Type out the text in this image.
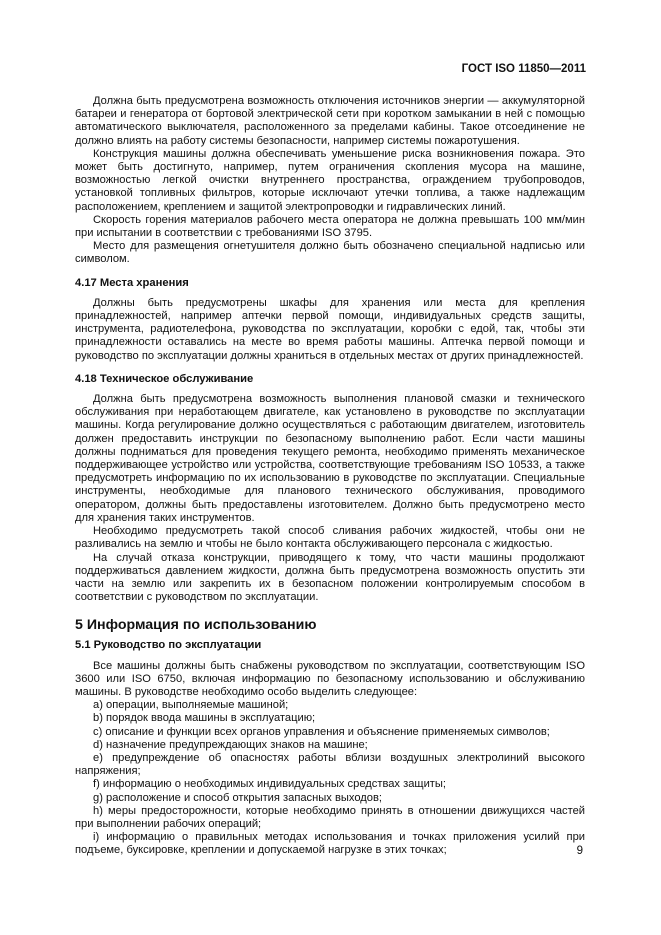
ГОСТ ISO 11850—2011

Должна быть предусмотрена возможность отключения источников энергии — аккумуляторной батареи и генератора от бортовой электрической сети при коротком замыкании в ней с помощью автоматического выключателя, расположенного за пределами кабины. Такое отсоединение не должно влиять на работу системы безопасности, например системы пожаротушения.

Конструкция машины должна обеспечивать уменьшение риска возникновения пожара. Это может быть достигнуто, например, путем ограничения скопления мусора на машине, возможностью легкой очистки внутреннего пространства, ограждением трубопроводов, установкой топливных фильтров, которые исключают утечки топлива, а также надлежащим расположением, креплением и защитой электропроводки и гидравлических линий.

Скорость горения материалов рабочего места оператора не должна превышать 100 мм/мин при испытании в соответствии с требованиями ISO 3795.

Место для размещения огнетушителя должно быть обозначено специальной надписью или символом.

4.17 Места хранения

Должны быть предусмотрены шкафы для хранения или места для крепления принадлежностей, например аптечки первой помощи, индивидуальных средств защиты, инструмента, радиотелефона, руководства по эксплуатации, коробки с едой, так, чтобы эти принадлежности оставались на месте во время работы машины. Аптечка первой помощи и руководство по эксплуатации должны храниться в отдельных местах от других принадлежностей.

4.18 Техническое обслуживание

Должна быть предусмотрена возможность выполнения плановой смазки и технического обслуживания при неработающем двигателе, как установлено в руководстве по эксплуатации машины. Когда регулирование должно осуществляться с работающим двигателем, изготовитель должен предоставить инструкции по безопасному выполнению работ. Если части машины должны подниматься для проведения текущего ремонта, необходимо применять механическое поддерживающее устройство или устройства, соответствующие требованиям ISO 10533, а также предусмотреть информацию по их использованию в руководстве по эксплуатации. Специальные инструменты, необходимые для планового технического обслуживания, проводимого оператором, должны быть предоставлены изготовителем. Должно быть предусмотрено место для хранения таких инструментов.

Необходимо предусмотреть такой способ сливания рабочих жидкостей, чтобы они не разливались на землю и чтобы не было контакта обслуживающего персонала с жидкостью.

На случай отказа конструкции, приводящего к тому, что части машины продолжают поддерживаться давлением жидкости, должна быть предусмотрена возможность опустить эти части на землю или закрепить их в безопасном положении контролируемым способом в соответствии с руководством по эксплуатации.

5 Информация по использованию
5.1 Руководство по эксплуатации

Все машины должны быть снабжены руководством по эксплуатации, соответствующим ISO 3600 или ISO 6750, включая информацию по безопасному использованию и обслуживанию машины. В руководстве необходимо особо выделить следующее:

a) операции, выполняемые машиной;

b) порядок ввода машины в эксплуатацию;

c) описание и функции всех органов управления и объяснение применяемых символов;

d) назначение предупреждающих знаков на машине;

e) предупреждение об опасностях работы вблизи воздушных электролиний высокого напряжения;

f) информацию о необходимых индивидуальных средствах защиты;

g) расположение и способ открытия запасных выходов;

h) меры предосторожности, которые необходимо принять в отношении движущихся частей при выполнении рабочих операций;

i) информацию о правильных методах использования и точках приложения усилий при подъеме, буксировке, креплении и допускаемой нагрузке в этих точках;	9
